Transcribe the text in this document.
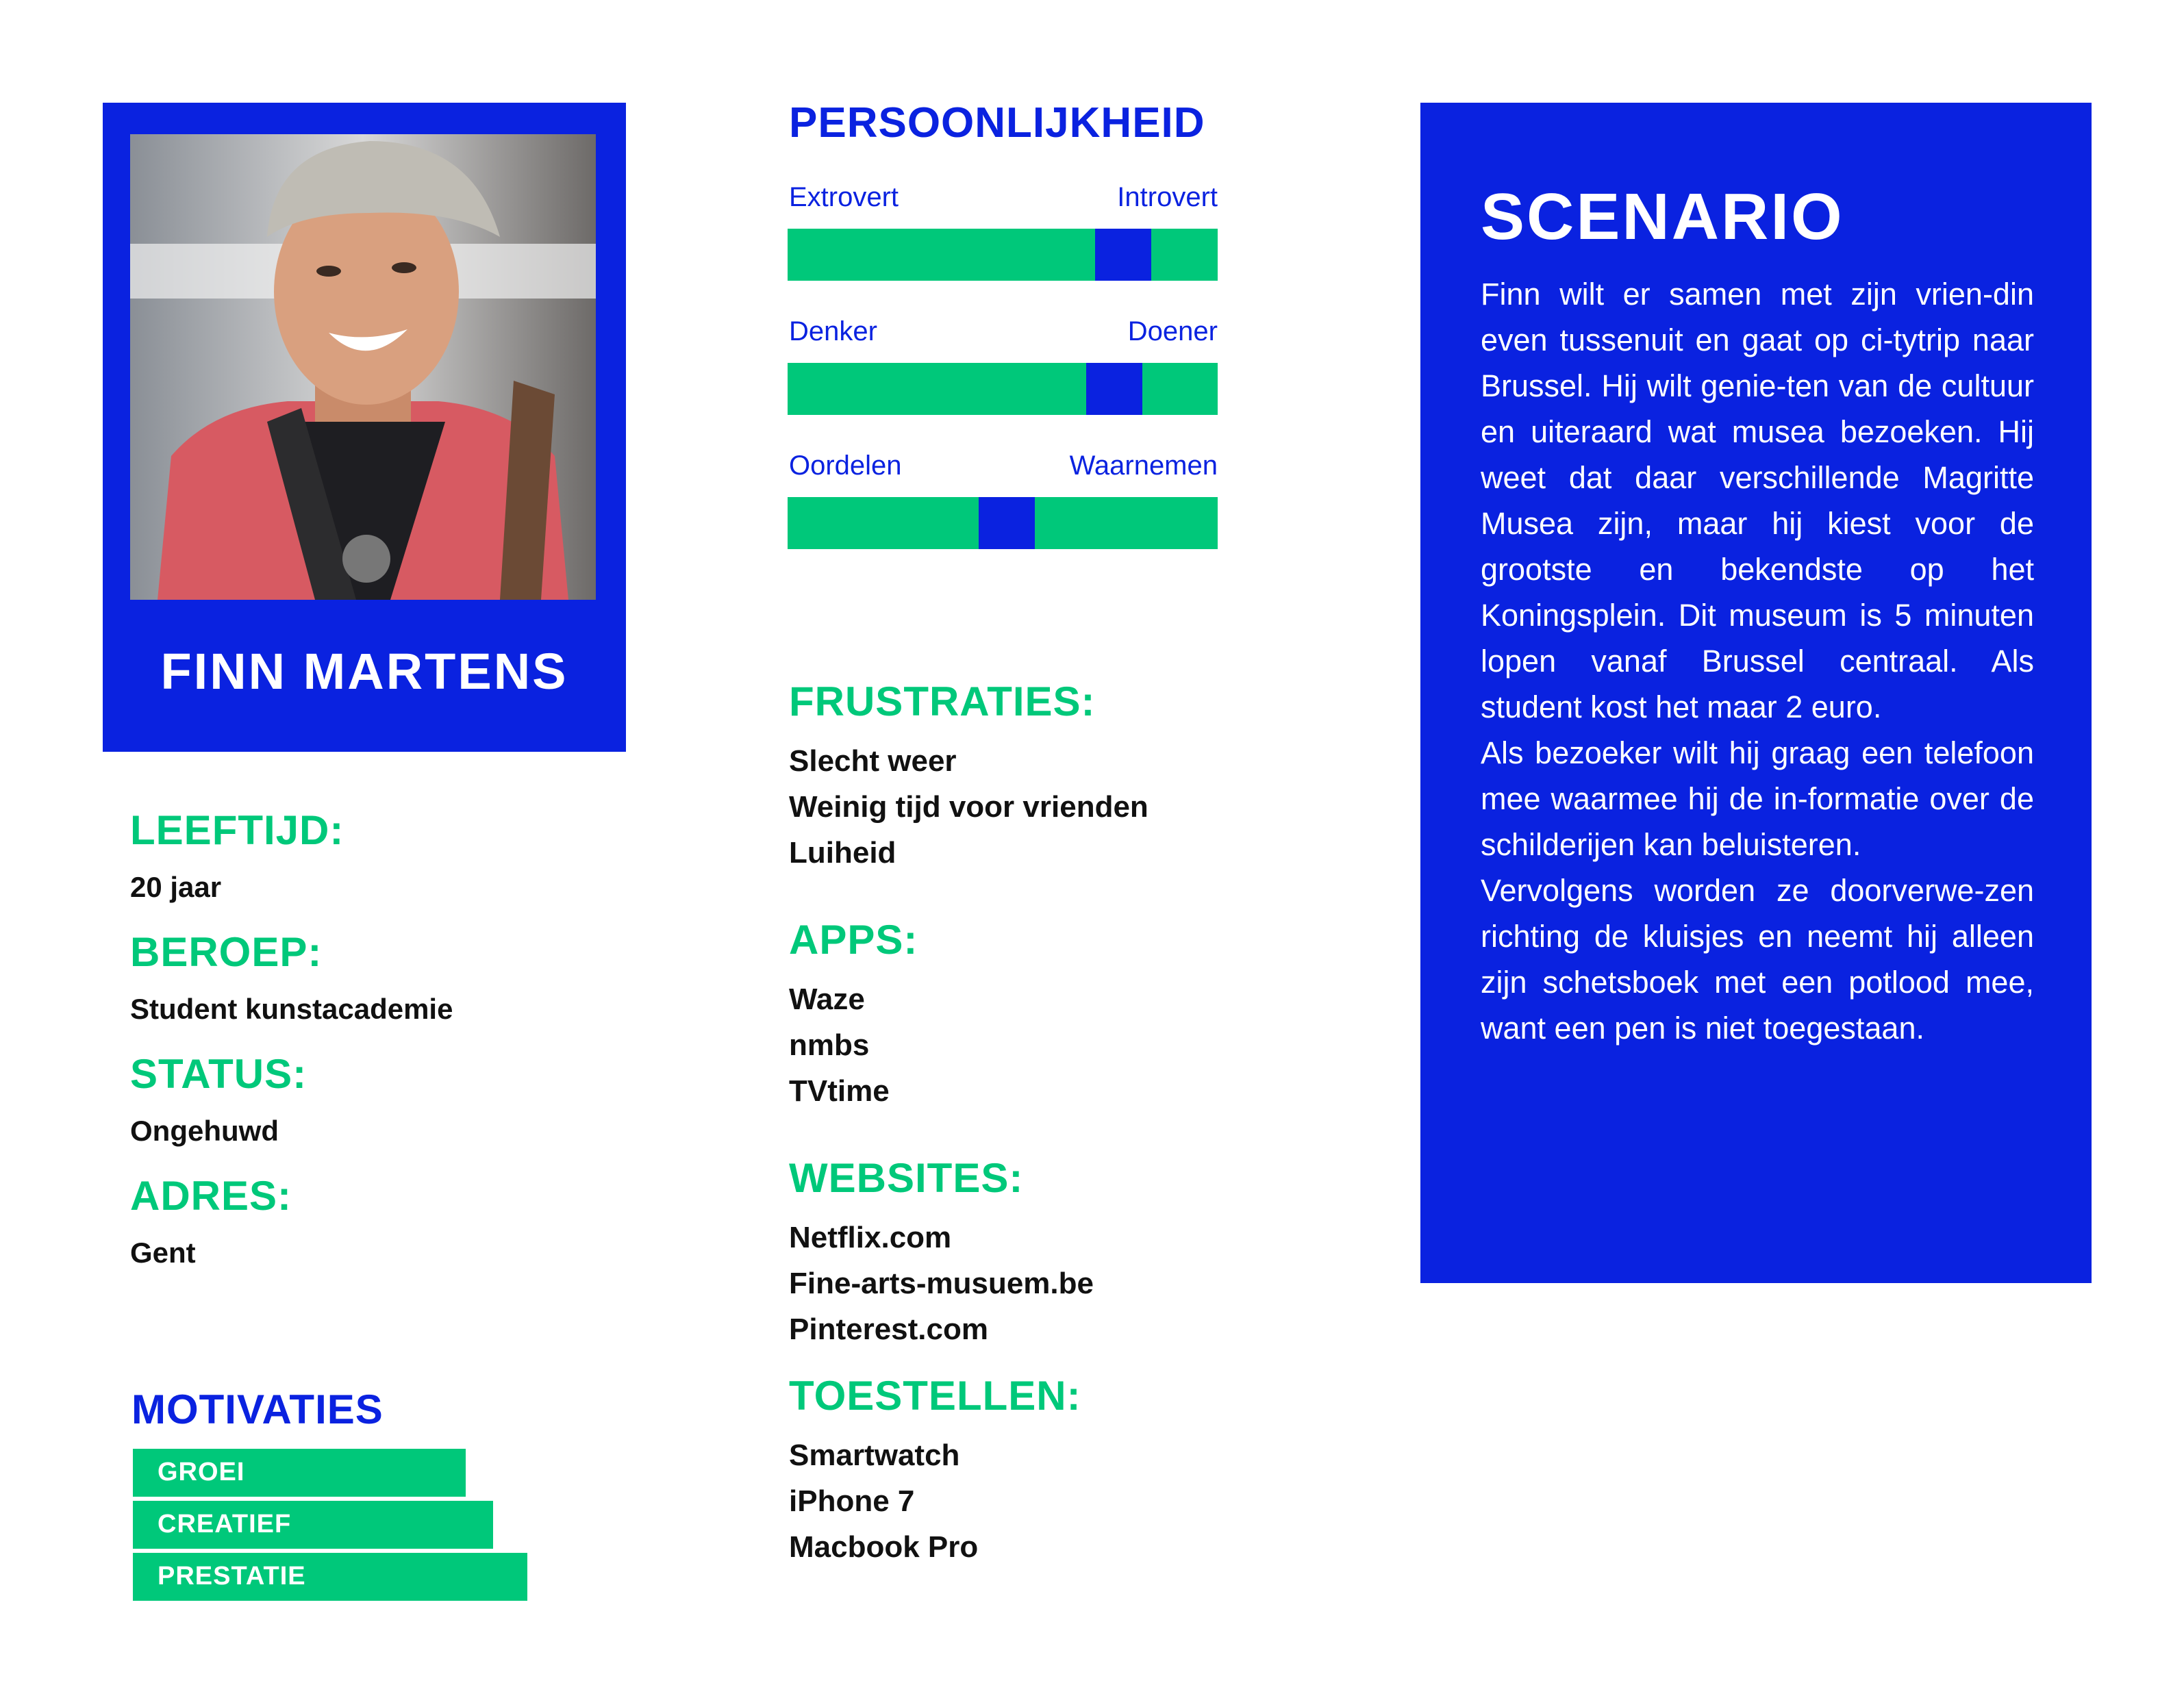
FINN MARTENS
LEEFTIJD:
20 jaar
BEROEP:
Student kunstacademie
STATUS:
Ongehuwd
ADRES:
Gent
MOTIVATIES
GROEI
CREATIEF
PRESTATIE
PERSOONLIJKHEID
Extrovert	Introvert
Denker	Doener
Oordelen	Waarnemen
FRUSTRATIES:
Slecht weer
Weinig tijd voor vrienden
Luiheid
APPS:
Waze
nmbs
TVtime
WEBSITES:
Netflix.com
Fine-arts-musuem.be
Pinterest.com
TOESTELLEN:
Smartwatch
iPhone 7
Macbook Pro
SCENARIO

Finn wilt er samen met zijn vrien-din even tussenuit en gaat op ci-tytrip naar Brussel. Hij wilt genie-ten van de cultuur en uiteraard wat musea bezoeken. Hij weet dat daar verschillende Magritte Musea zijn, maar hij kiest voor de grootste en bekendste op het Koningsplein. Dit museum is 5 minuten lopen vanaf Brussel centraal. Als student kost het maar 2 euro.

Als bezoeker wilt hij graag een telefoon mee waarmee hij de in-formatie over de schilderijen kan beluisteren.

Vervolgens worden ze doorverwe-zen richting de kluisjes en neemt hij alleen zijn schetsboek met een potlood mee, want een pen is niet toegestaan.
